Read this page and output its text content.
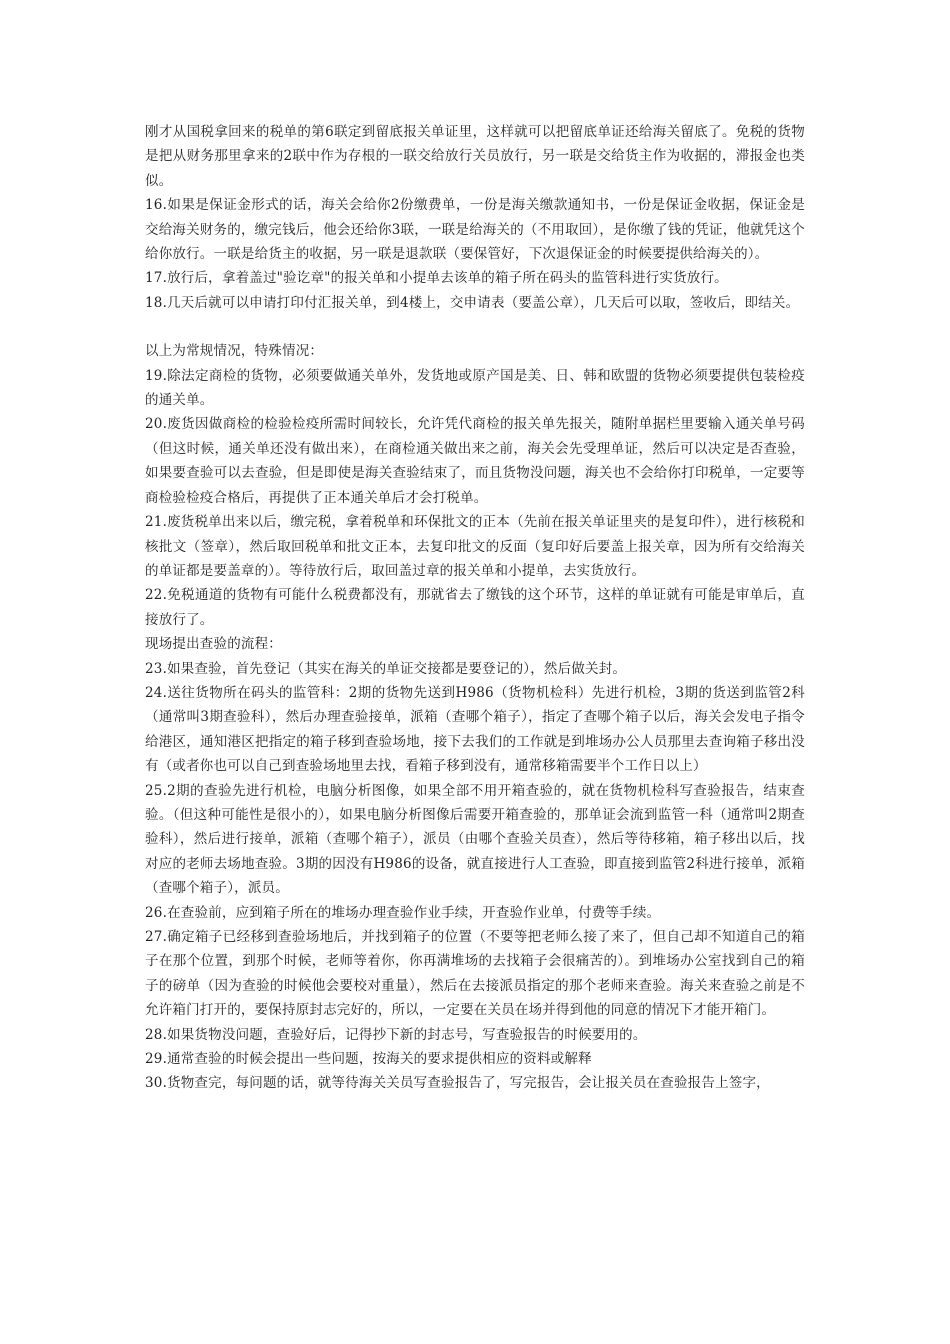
刚才从国税拿回来的税单的第6联定到留底报关单证里，这样就可以把留底单证还给海关留底了。免税的货物是把从财务那里拿来的2联中作为存根的一联交给放行关员放行，另一联是交给货主作为收据的，滞报金也类似。

16.如果是保证金形式的话，海关会给你2份缴费单，一份是海关缴款通知书，一份是保证金收据，保证金是交给海关财务的，缴完钱后，他会还给你3联，一联是给海关的（不用取回），是你缴了钱的凭证，他就凭这个给你放行。一联是给货主的收据，另一联是退款联（要保管好，下次退保证金的时候要提供给海关的）。

17.放行后，拿着盖过"验讫章"的报关单和小提单去该单的箱子所在码头的监管科进行实货放行。

18.几天后就可以申请打印付汇报关单，到4楼上，交申请表（要盖公章），几天后可以取，签收后，即结关。

以上为常规情况，特殊情况：

19.除法定商检的货物，必须要做通关单外，发货地或原产国是美、日、韩和欧盟的货物必须要提供包装检疫的通关单。

20.废货因做商检的检验检疫所需时间较长，允许凭代商检的报关单先报关，随附单据栏里要输入通关单号码（但这时候，通关单还没有做出来），在商检通关做出来之前，海关会先受理单证，然后可以决定是否查验，如果要查验可以去查验，但是即使是海关查验结束了，而且货物没问题，海关也不会给你打印税单，一定要等商检验检疫合格后，再提供了正本通关单后才会打税单。

21.废货税单出来以后，缴完税，拿着税单和环保批文的正本（先前在报关单证里夹的是复印件），进行核税和核批文（签章），然后取回税单和批文正本，去复印批文的反面（复印好后要盖上报关章，因为所有交给海关的单证都是要盖章的）。等待放行后，取回盖过章的报关单和小提单，去实货放行。

22.免税通道的货物有可能什么税费都没有，那就省去了缴钱的这个环节，这样的单证就有可能是审单后，直接放行了。

现场提出查验的流程：

23.如果查验，首先登记（其实在海关的单证交接都是要登记的），然后做关封。

24.送往货物所在码头的监管科：2期的货物先送到H986（货物机检科）先进行机检，3期的货送到监管2科（通常叫3期查验科），然后办理查验接单，派箱（查哪个箱子），指定了查哪个箱子以后，海关会发电子指令给港区，通知港区把指定的箱子移到查验场地，接下去我们的工作就是到堆场办公人员那里去查询箱子移出没有（或者你也可以自己到查验场地里去找，看箱子移到没有，通常移箱需要半个工作日以上）

25.2期的查验先进行机检，电脑分析图像，如果全部不用开箱查验的，就在货物机检科写查验报告，结束查验。（但这种可能性是很小的），如果电脑分析图像后需要开箱查验的，那单证会流到监管一科（通常叫2期查验科），然后进行接单，派箱（查哪个箱子），派员（由哪个查验关员查），然后等待移箱，箱子移出以后，找对应的老师去场地查验。3期的因没有H986的设备，就直接进行人工查验，即直接到监管2科进行接单，派箱（查哪个箱子），派员。

26.在查验前，应到箱子所在的堆场办理查验作业手续，开查验作业单，付费等手续。

27.确定箱子已经移到查验场地后，并找到箱子的位置（不要等把老师么接了来了，但自己却不知道自己的箱子在那个位置，到那个时候，老师等着你，你再满堆场的去找箱子会很痛苦的）。到堆场办公室找到自己的箱子的磅单（因为查验的时候他会要校对重量），然后在去接派员指定的那个老师来查验。海关来查验之前是不允许箱门打开的，要保持原封志完好的，所以，一定要在关员在场并得到他的同意的情况下才能开箱门。

28.如果货物没问题，查验好后，记得抄下新的封志号，写查验报告的时候要用的。

29.通常查验的时候会提出一些问题，按海关的要求提供相应的资料或解释

30.货物查完，每问题的话，就等待海关关员写查验报告了，写完报告，会让报关员在查验报告上签字，
